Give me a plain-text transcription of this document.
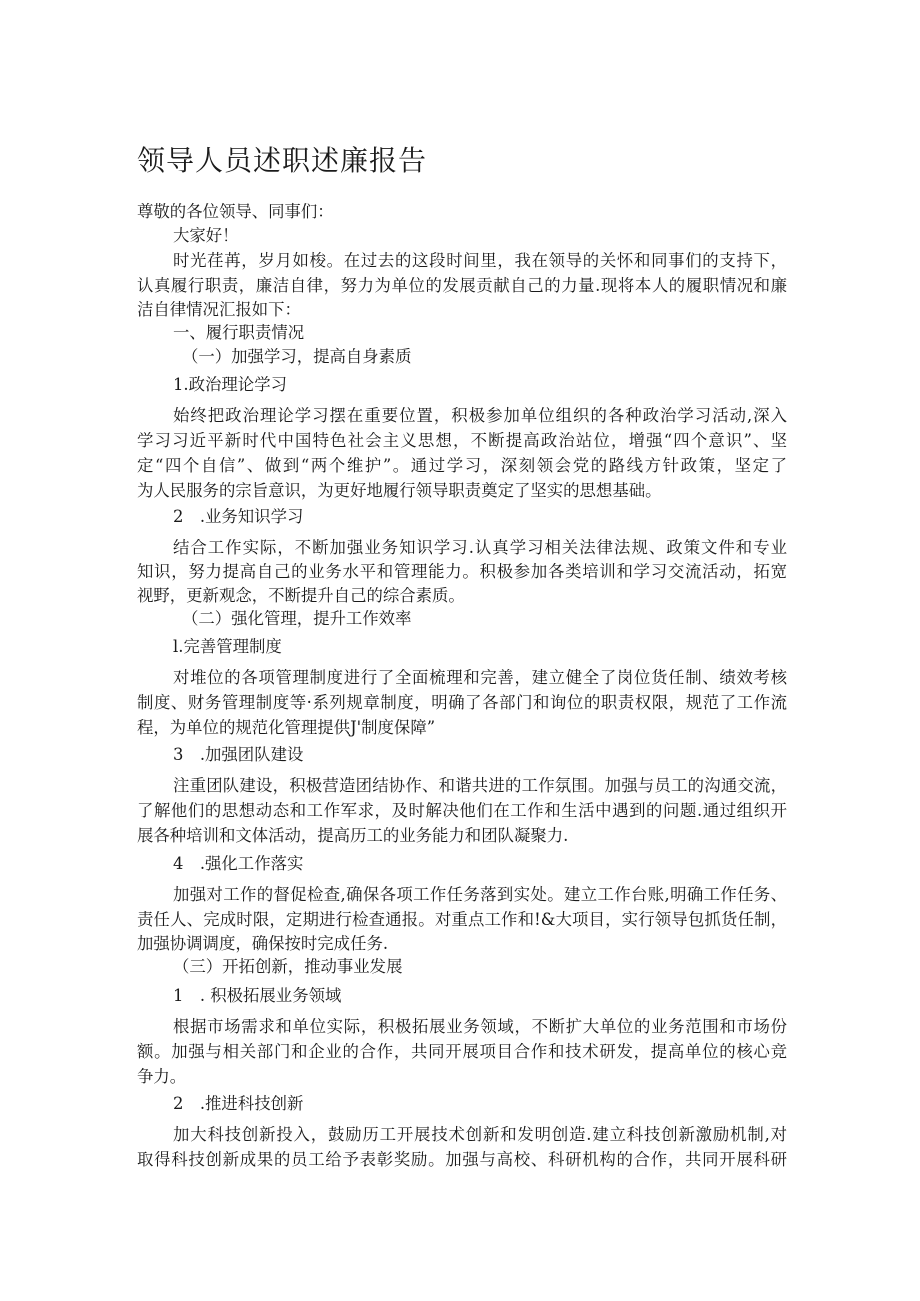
领导人员述职述廉报告
尊敬的各位领导、同事们：
大家好！
时光荏苒，岁月如梭。在过去的这段时间里，我在领导的关怀和同事们的支持下，
认真履行职责，廉洁自律，努力为单位的发展贡献自己的力量.现将本人的履职情况和廉
洁自律情况汇报如下：
一、履行职责情况
（一）加强学习，提高自身素质
1.政治理论学习
始终把政治理论学习摆在重要位置，积极参加单位组织的各种政治学习活动,深入
学习习近平新时代中国特色社会主义思想，不断提高政治站位，增强“四个意识”、坚
定“四个自信”、做到“两个维护”。通过学习，深刻领会党的路线方针政策，坚定了
为人民服务的宗旨意识，为更好地履行领导职责奠定了坚实的思想基础。
2　.业务知识学习
结合工作实际，不断加强业务知识学习.认真学习相关法律法规、政策文件和专业
知识，努力提高自己的业务水平和管理能力。积极参加各类培训和学习交流活动，拓宽
视野，更新观念，不断提升自己的综合素质。
（二）强化管理，提升工作效率
l.完善管理制度
对堆位的各项管理制度进行了全面梳理和完善，建立健全了岗位货任制、绩效考核
制度、财务管理制度等·系列规章制度，明确了各部门和询位的职责权限，规范了工作流
程，为单位的规范化管理提供J'制度保障”
3　.加强团队建设
注重团队建设，积极营造团结协作、和谐共进的工作氛围。加强与员工的沟通交流，
了解他们的思想动态和工作军求，及时解决他们在工作和生活中遇到的问题.通过组织开
展各种培训和文体活动，提高历工的业务能力和团队凝聚力.
4　.强化工作落实
加强对工作的督促检查,确保各项工作任务落到实处。建立工作台账,明确工作任务、
责任人、完成时限，定期进行检查通报。对重点工作和!&大项目，实行领导包抓货任制，
加强协调调度，确保按时完成任务.
（三）开拓创新，推动事业发展
1　. 积极拓展业务领域
根据市场需求和单位实际，积极拓展业务领域，不断扩大单位的业务范围和市场份
额。加强与相关部门和企业的合作，共同开展项目合作和技术研发，提高单位的核心竞
争力。
2　.推进科技创新
加大科技创新投入，鼓励历工开展技术创新和发明创造.建立科技创新激励机制,对
取得科技创新成果的员工给予表彰奖励。加强与高校、科研机构的合作，共同开展科研
